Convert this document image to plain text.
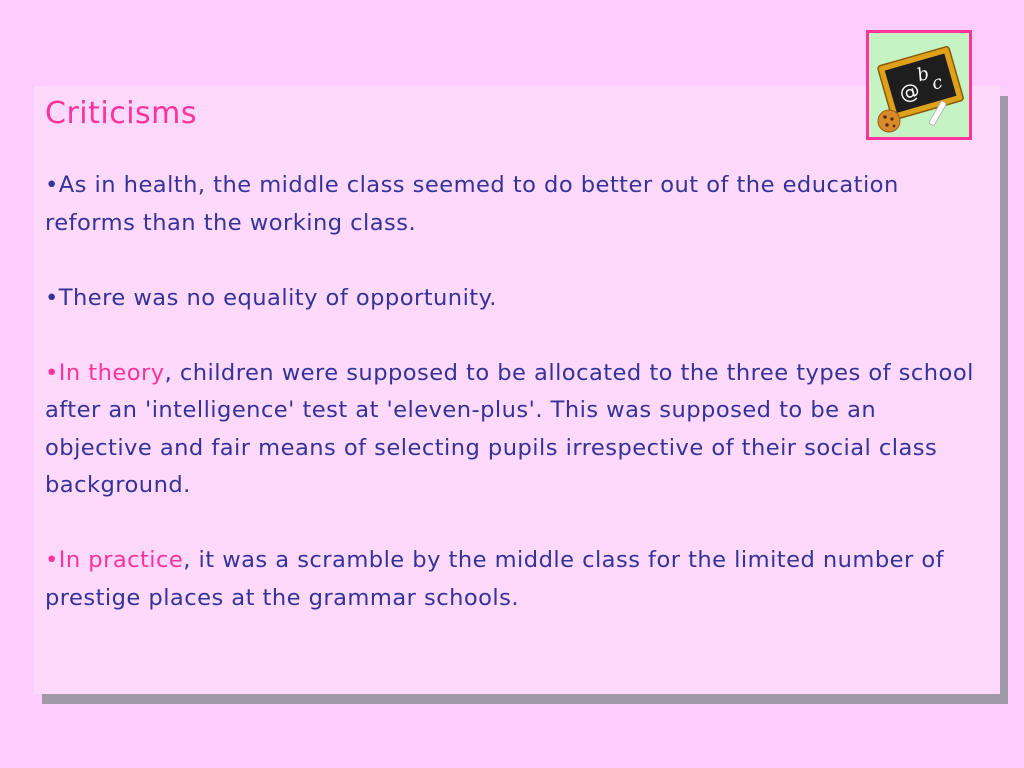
Criticisms

•As in health, the middle class seemed to do better out of the education reforms than the working class.

•There was no equality of opportunity.

•In theory, children were supposed to be allocated to the three types of school after an 'intelligence' test at 'eleven-plus'. This was supposed to be an objective and fair means of selecting pupils irrespective of their social class background.

•In practice, it was a scramble by the middle class for the limited number of prestige places at the grammar schools.

@
b
c
